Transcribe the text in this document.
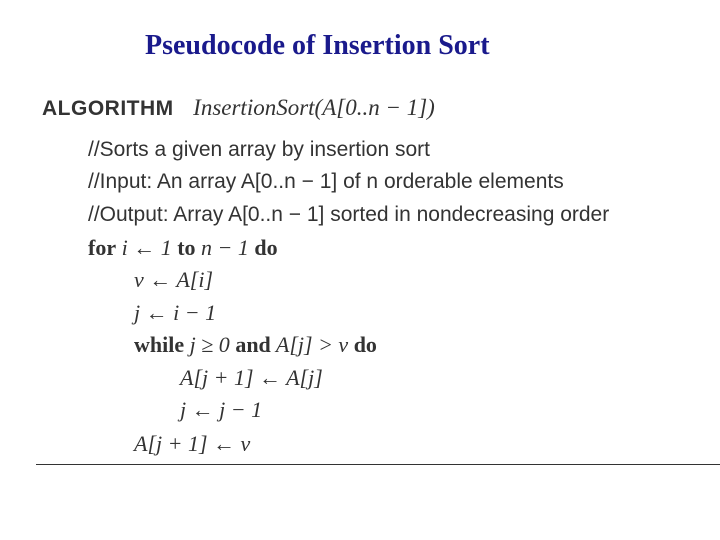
Pseudocode of Insertion Sort
ALGORITHM InsertionSort(A[0..n − 1])
//Sorts a given array by insertion sort
//Input: An array A[0..n − 1] of n orderable elements
//Output: Array A[0..n − 1] sorted in nondecreasing order
for i ← 1 to n − 1 do
v ← A[i]
j ← i − 1
while j ≥ 0 and A[j] > v do
A[j + 1] ← A[j]
j ← j − 1
A[j + 1] ← v
